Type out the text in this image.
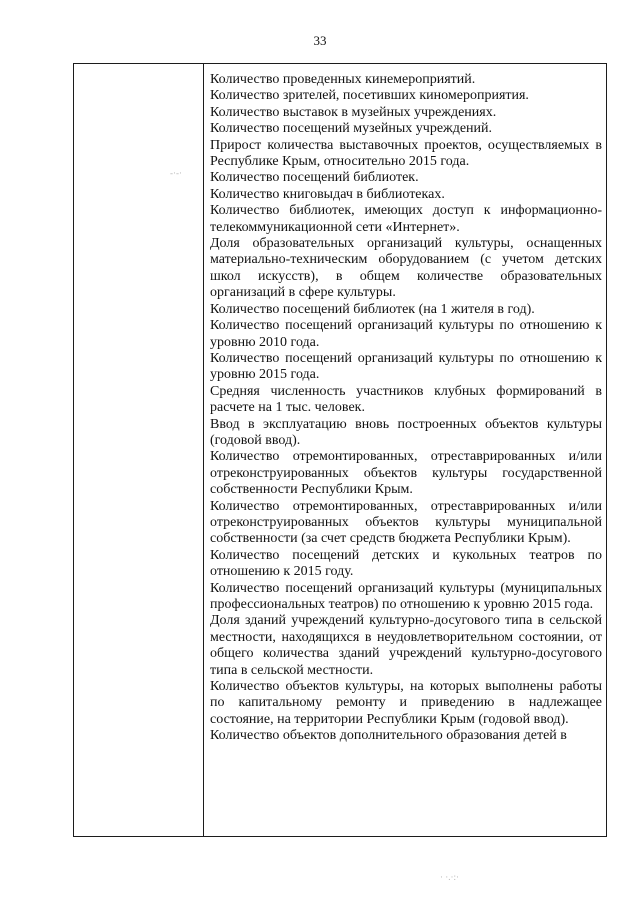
33

Количество проведенных кинемероприятий.

Количество зрителей, посетивших киномероприятия.

Количество выставок в музейных учреждениях.

Количество посещений музейных учреждений.

Прирост количества выставочных проектов, осуществляемых в Республике Крым, относительно 2015 года.

Количество посещений библиотек.

Количество книговыдач в библиотеках.

Количество библиотек, имеющих доступ к информационно-телекоммуникационной сети «Интернет».

Доля образовательных организаций культуры, оснащенных материально-техническим оборудованием (с учетом детских школ искусств), в общем количестве образовательных организаций в сфере культуры.

Количество посещений библиотек (на 1 жителя в год).

Количество посещений организаций культуры по отношению к уровню 2010 года.

Количество посещений организаций культуры по отношению к уровню 2015 года.

Средняя численность участников клубных формирований в расчете на 1 тыс. человек.

Ввод в эксплуатацию вновь построенных объектов культуры (годовой ввод).

Количество отремонтированных, отреставрированных и/или отреконструированных объектов культуры государственной собственности Республики Крым.

Количество отремонтированных, отреставрированных и/или отреконструированных объектов культуры муниципальной собственности (за счет средств бюджета Республики Крым).

Количество посещений детских и кукольных театров по отношению к 2015 году.

Количество посещений организаций культуры (муниципальных профессиональных театров) по отношению к уровню 2015 года.

Доля зданий учреждений культурно-досугового типа в сельской местности, находящихся в неудовлетворительном состоянии, от общего количества зданий учреждений культурно-досугового типа в сельской местности.

Количество объектов культуры, на которых выполнены работы по капитальному ремонту и приведению в надлежащее состояние, на территории Республики Крым (годовой ввод).

Количество объектов дополнительного образования детей в

-·-·
· ·.·:·
